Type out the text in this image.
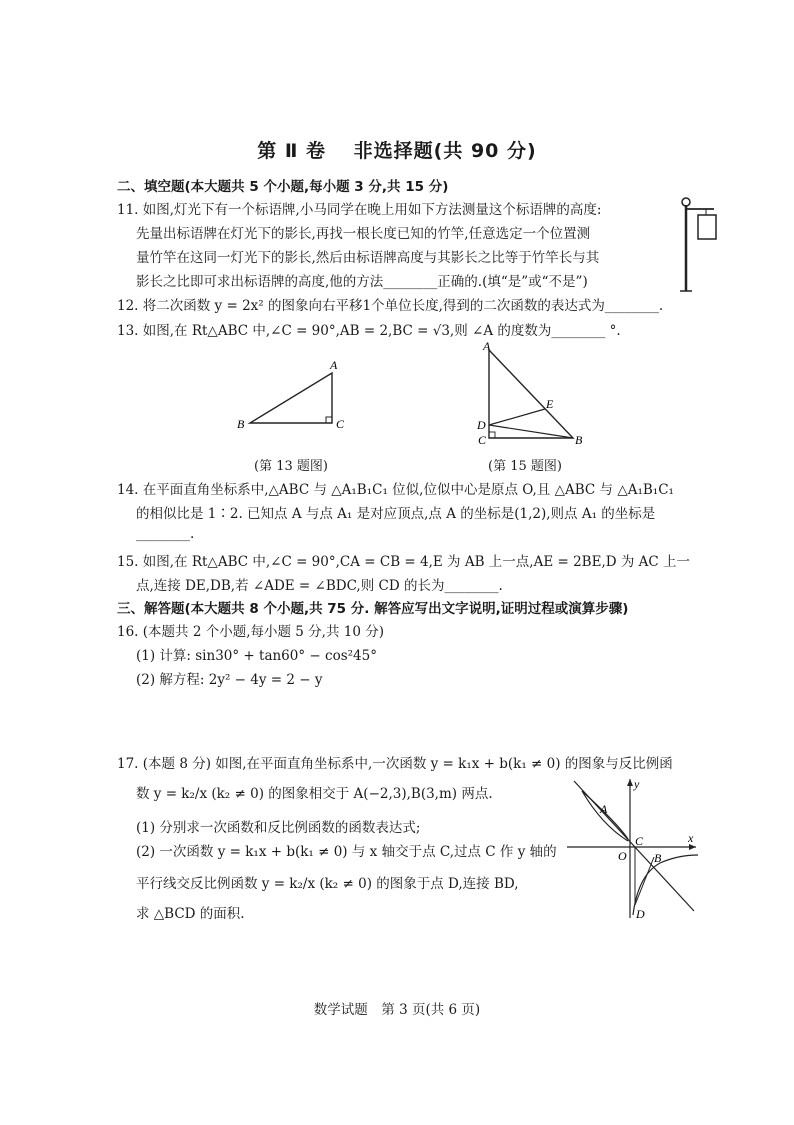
第 Ⅱ 卷　 非选择题(共 90 分)
二、填空题(本大题共 5 个小题,每小题 3 分,共 15 分)
11. 如图,灯光下有一个标语牌,小马同学在晚上用如下方法测量这个标语牌的高度:
先量出标语牌在灯光下的影长,再找一根长度已知的竹竿,任意选定一个位置测
量竹竿在这同一灯光下的影长,然后由标语牌高度与其影长之比等于竹竿长与其
影长之比即可求出标语牌的高度,他的方法________正确的.(填“是”或“不是”)
12. 将二次函数 y = 2x² 的图象向右平移1个单位长度,得到的二次函数的表达式为________.
13. 如图,在 Rt△ABC 中,∠C = 90°,AB = 2,BC = √3,则 ∠A 的度数为________ °.
A
B	C
(第 13 题图)
A
B
C
D
E
(第 15 题图)
14. 在平面直角坐标系中,△ABC 与 △A₁B₁C₁ 位似,位似中心是原点 O,且 △ABC 与 △A₁B₁C₁
的相似比是 1∶2. 已知点 A 与点 A₁ 是对应顶点,点 A 的坐标是(1,2),则点 A₁ 的坐标是
________.
15. 如图,在 Rt△ABC 中,∠C = 90°,CA = CB = 4,E 为 AB 上一点,AE = 2BE,D 为 AC 上一
点,连接 DE,DB,若 ∠ADE = ∠BDC,则 CD 的长为________.
三、解答题(本大题共 8 个小题,共 75 分. 解答应写出文字说明,证明过程或演算步骤)
16. (本题共 2 个小题,每小题 5 分,共 10 分)
(1) 计算: sin30° + tan60° − cos²45°
(2) 解方程: 2y² − 4y = 2 − y
17. (本题 8 分) 如图,在平面直角坐标系中,一次函数 y = k₁x + b(k₁ ≠ 0) 的图象与反比例函
数 y = k₂/x (k₂ ≠ 0) 的图象相交于 A(−2,3),B(3,m) 两点.
(1) 分别求一次函数和反比例函数的函数表达式;
(2) 一次函数 y = k₁x + b(k₁ ≠ 0) 与 x 轴交于点 C,过点 C 作 y 轴的
平行线交反比例函数 y = k₂/x (k₂ ≠ 0) 的图象于点 D,连接 BD,
求 △BCD 的面积.
y
x
O
A
C
B
D
数学试题　第 3 页(共 6 页)
